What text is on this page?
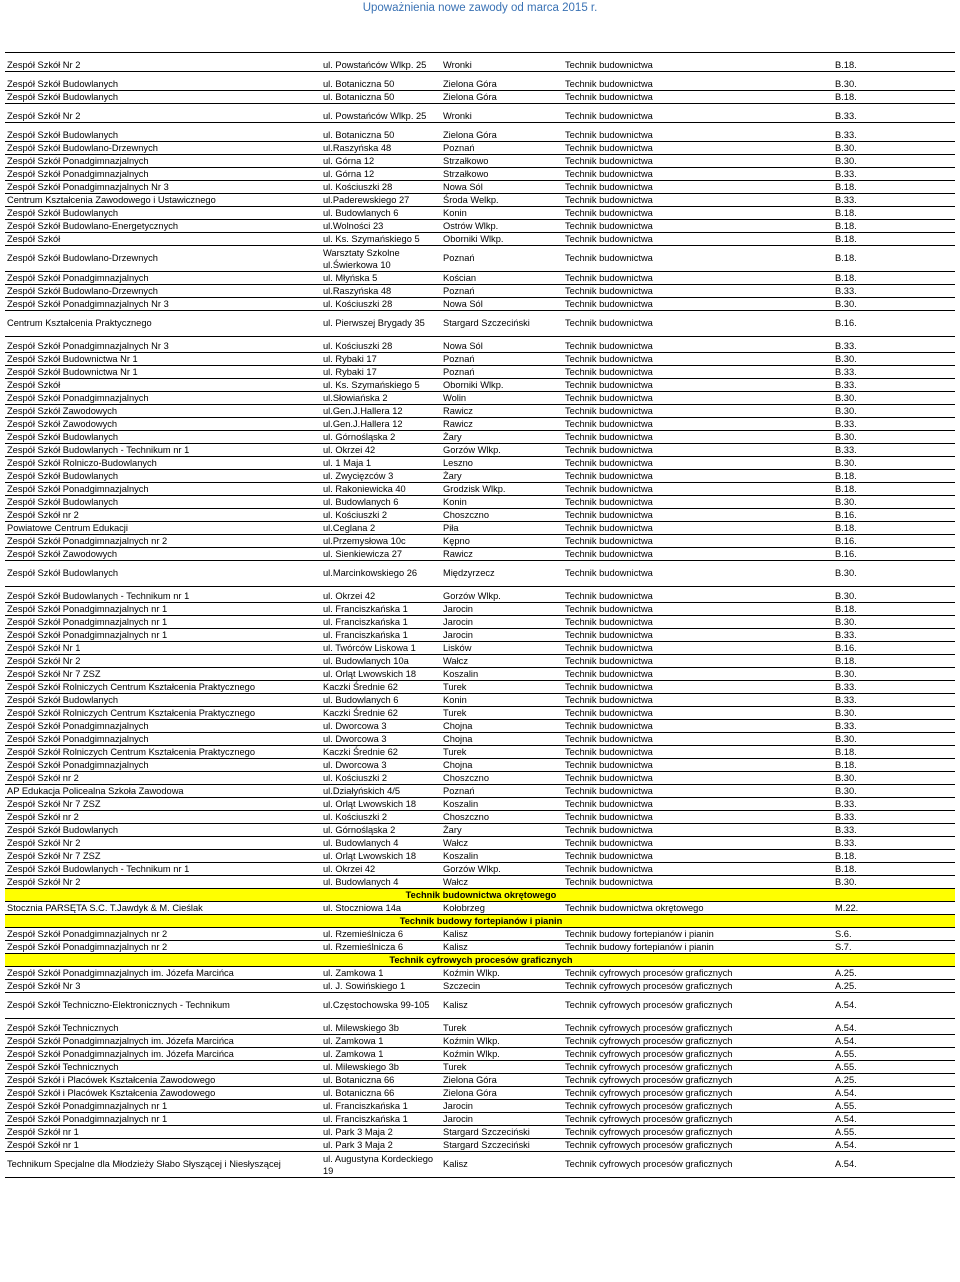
Upoważnienia nowe zawody od marca 2015 r.
Zespół Szkół Nr 2	ul. Powstańców Wlkp. 25	Wronki	Technik budownictwa	B.18.
Zespół Szkół Budowlanych	ul. Botaniczna 50	Zielona Góra	Technik budownictwa	B.30.
Zespół Szkół Budowlanych	ul. Botaniczna 50	Zielona Góra	Technik budownictwa	B.18.
Zespół Szkół Nr 2	ul. Powstańców Wlkp. 25	Wronki	Technik budownictwa	B.33.
Zespół Szkół Budowlanych	ul. Botaniczna 50	Zielona Góra	Technik budownictwa	B.33.
Zespół Szkół Budowlano-Drzewnych	ul.Raszyńska 48	Poznań	Technik budownictwa	B.30.
Zespół Szkół Ponadgimnazjalnych	ul. Górna 12	Strzałkowo	Technik budownictwa	B.30.
Zespół Szkół Ponadgimnazjalnych	ul. Górna 12	Strzałkowo	Technik budownictwa	B.33.
Zespół Szkół Ponadgimnazjalnych Nr 3	ul. Kościuszki 28	Nowa Sól	Technik budownictwa	B.18.
Centrum Kształcenia Zawodowego i Ustawicznego	ul.Paderewskiego 27	Środa Welkp.	Technik budownictwa	B.33.
Zespół Szkół Budowlanych	ul. Budowlanych 6	Konin	Technik budownictwa	B.18.
Zespół Szkół Budowlano-Energetycznych	ul.Wolności 23	Ostrów Wlkp.	Technik budownictwa	B.18.
Zespół Szkół	ul. Ks. Szymańskiego 5	Oborniki Wlkp.	Technik budownictwa	B.18.
Zespół Szkół Budowlano-Drzewnych	Warsztaty Szkolne ul.Świerkowa 10	Poznań	Technik budownictwa	B.18.
Zespół Szkół Ponadgimnazjalnych	ul. Młyńska 5	Kościan	Technik budownictwa	B.18.
Zespół Szkół Budowlano-Drzewnych	ul.Raszyńska 48	Poznań	Technik budownictwa	B.33.
Zespół Szkół Ponadgimnazjalnych Nr 3	ul. Kościuszki 28	Nowa Sól	Technik budownictwa	B.30.
Centrum Kształcenia Praktycznego	ul. Pierwszej Brygady 35	Stargard Szczeciński	Technik budownictwa	B.16.
Zespół Szkół Ponadgimnazjalnych Nr 3	ul. Kościuszki 28	Nowa Sól	Technik budownictwa	B.33.
Zespół Szkół Budownictwa Nr 1	ul. Rybaki 17	Poznań	Technik budownictwa	B.30.
Zespół Szkół Budownictwa Nr 1	ul. Rybaki 17	Poznań	Technik budownictwa	B.33.
Zespół Szkół	ul. Ks. Szymańskiego 5	Oborniki Wlkp.	Technik budownictwa	B.33.
Zespół Szkół Ponadgimnazjalnych	ul.Słowiańska 2	Wolin	Technik budownictwa	B.30.
Zespół Szkół Zawodowych	ul.Gen.J.Hallera 12	Rawicz	Technik budownictwa	B.30.
Zespół Szkół Zawodowych	ul.Gen.J.Hallera 12	Rawicz	Technik budownictwa	B.33.
Zespół Szkół Budowlanych	ul. Górnośląska 2	Żary	Technik budownictwa	B.30.
Zespół Szkół Budowlanych - Technikum nr 1	ul. Okrzei 42	Gorzów Wlkp.	Technik budownictwa	B.33.
Zespół Szkół Rolniczo-Budowlanych	ul. 1 Maja 1	Leszno	Technik budownictwa	B.30.
Zespół Szkół Budowlanych	ul. Zwycięzców 3	Żary	Technik budownictwa	B.18.
Zespół Szkół Ponadgimnazjalnych	ul. Rakoniewicka 40	Grodzisk Wlkp.	Technik budownictwa	B.18.
Zespół Szkół Budowlanych	ul. Budowlanych 6	Konin	Technik budownictwa	B.30.
Zespół Szkół nr 2	ul. Kościuszki 2	Choszczno	Technik budownictwa	B.16.
Powiatowe Centrum Edukacji	ul.Ceglana 2	Piła	Technik budownictwa	B.18.
Zespół Szkół Ponadgimnazjalnych nr 2	ul.Przemysłowa 10c	Kępno	Technik budownictwa	B.16.
Zespół Szkół Zawodowych	ul. Sienkiewicza 27	Rawicz	Technik budownictwa	B.16.
Zespół Szkół Budowlanych	ul.Marcinkowskiego 26	Międzyrzecz	Technik budownictwa	B.30.
Zespół Szkół Budowlanych - Technikum nr 1	ul. Okrzei 42	Gorzów Wlkp.	Technik budownictwa	B.30.
Zespół Szkół Ponadgimnazjalnych nr 1	ul. Franciszkańska 1	Jarocin	Technik budownictwa	B.18.
Zespół Szkół Ponadgimnazjalnych nr 1	ul. Franciszkańska 1	Jarocin	Technik budownictwa	B.30.
Zespół Szkół Ponadgimnazjalnych nr 1	ul. Franciszkańska 1	Jarocin	Technik budownictwa	B.33.
Zespół Szkół Nr 1	ul. Twórców Liskowa 1	Lisków	Technik budownictwa	B.16.
Zespół Szkół Nr 2	ul. Budowlanych 10a	Wałcz	Technik budownictwa	B.18.
Zespół Szkół Nr 7 ZSZ	ul. Orląt Lwowskich 18	Koszalin	Technik budownictwa	B.30.
Zespół Szkół Rolniczych Centrum Kształcenia Praktycznego	Kaczki Średnie 62	Turek	Technik budownictwa	B.33.
Zespół Szkół Budowlanych	ul. Budowlanych 6	Konin	Technik budownictwa	B.33.
Zespół Szkół Rolniczych Centrum Kształcenia Praktycznego	Kaczki Średnie 62	Turek	Technik budownictwa	B.30.
Zespół Szkół Ponadgimnazjalnych	ul. Dworcowa 3	Chojna	Technik budownictwa	B.33.
Zespół Szkół Ponadgimnazjalnych	ul. Dworcowa 3	Chojna	Technik budownictwa	B.30.
Zespół Szkół Rolniczych Centrum Kształcenia Praktycznego	Kaczki Średnie 62	Turek	Technik budownictwa	B.18.
Zespół Szkół Ponadgimnazjalnych	ul. Dworcowa 3	Chojna	Technik budownictwa	B.18.
Zespół Szkół nr 2	ul. Kościuszki 2	Choszczno	Technik budownictwa	B.30.
AP Edukacja Policealna Szkoła Zawodowa	ul.Działyńskich 4/5	Poznań	Technik budownictwa	B.30.
Zespół Szkół Nr 7 ZSZ	ul. Orląt Lwowskich 18	Koszalin	Technik budownictwa	B.33.
Zespół Szkół nr 2	ul. Kościuszki 2	Choszczno	Technik budownictwa	B.33.
Zespół Szkół Budowlanych	ul. Górnośląska 2	Żary	Technik budownictwa	B.33.
Zespół Szkół Nr 2	ul. Budowlanych 4	Wałcz	Technik budownictwa	B.33.
Zespół Szkół Nr 7 ZSZ	ul. Orląt Lwowskich 18	Koszalin	Technik budownictwa	B.18.
Zespół Szkół Budowlanych - Technikum nr 1	ul. Okrzei 42	Gorzów Wlkp.	Technik budownictwa	B.18.
Zespół Szkół Nr 2	ul. Budowlanych 4	Wałcz	Technik budownictwa	B.30.
Technik budownictwa okrętowego				
Stocznia PARSĘTA S.C. T.Jawdyk & M. Cieślak	ul. Stoczniowa 14a	Kołobrzeg	Technik budownictwa okrętowego	M.22.
Technik budowy fortepianów i pianin				
Zespół Szkół Ponadgimnazjalnych nr 2	ul. Rzemieślnicza 6	Kalisz	Technik budowy fortepianów i pianin	S.6.
Zespół Szkół Ponadgimnazjalnych nr 2	ul. Rzemieślnicza 6	Kalisz	Technik budowy fortepianów i pianin	S.7.
Technik cyfrowych procesów graficznych				
Zespół Szkół Ponadgimnazjalnych im. Józefa Marcińca	ul. Zamkowa 1	Koźmin Wlkp.	Technik cyfrowych procesów graficznych	A.25.
Zespół Szkół Nr 3	ul. J. Sowińskiego 1	Szczecin	Technik cyfrowych procesów graficznych	A.25.
Zespół Szkół Techniczno-Elektronicznych - Technikum	ul.Częstochowska 99-105	Kalisz	Technik cyfrowych procesów graficznych	A.54.
Zespół Szkół Technicznych	ul. Milewskiego 3b	Turek	Technik cyfrowych procesów graficznych	A.54.
Zespół Szkół Ponadgimnazjalnych im. Józefa Marcińca	ul. Zamkowa 1	Koźmin Wlkp.	Technik cyfrowych procesów graficznych	A.54.
Zespół Szkół Ponadgimnazjalnych im. Józefa Marcińca	ul. Zamkowa 1	Koźmin Wlkp.	Technik cyfrowych procesów graficznych	A.55.
Zespół Szkół Technicznych	ul. Milewskiego 3b	Turek	Technik cyfrowych procesów graficznych	A.55.
Zespół Szkół i Placówek Kształcenia Zawodowego	ul. Botaniczna 66	Zielona Góra	Technik cyfrowych procesów graficznych	A.25.
Zespół Szkół i Placówek Kształcenia Zawodowego	ul. Botaniczna 66	Zielona Góra	Technik cyfrowych procesów graficznych	A.54.
Zespół Szkół Ponadgimnazjalnych nr 1	ul. Franciszkańska 1	Jarocin	Technik cyfrowych procesów graficznych	A.55.
Zespół Szkół Ponadgimnazjalnych nr 1	ul. Franciszkańska 1	Jarocin	Technik cyfrowych procesów graficznych	A.54.
Zespół Szkół nr 1	ul. Park 3 Maja 2	Stargard Szczeciński	Technik cyfrowych procesów graficznych	A.55.
Zespół Szkół nr 1	ul. Park 3 Maja 2	Stargard Szczeciński	Technik cyfrowych procesów graficznych	A.54.
Technikum Specjalne dla Młodzieży Słabo Słyszącej i Niesłyszącej	ul. Augustyna Kordeckiego 19	Kalisz	Technik cyfrowych procesów graficznych	A.54.
